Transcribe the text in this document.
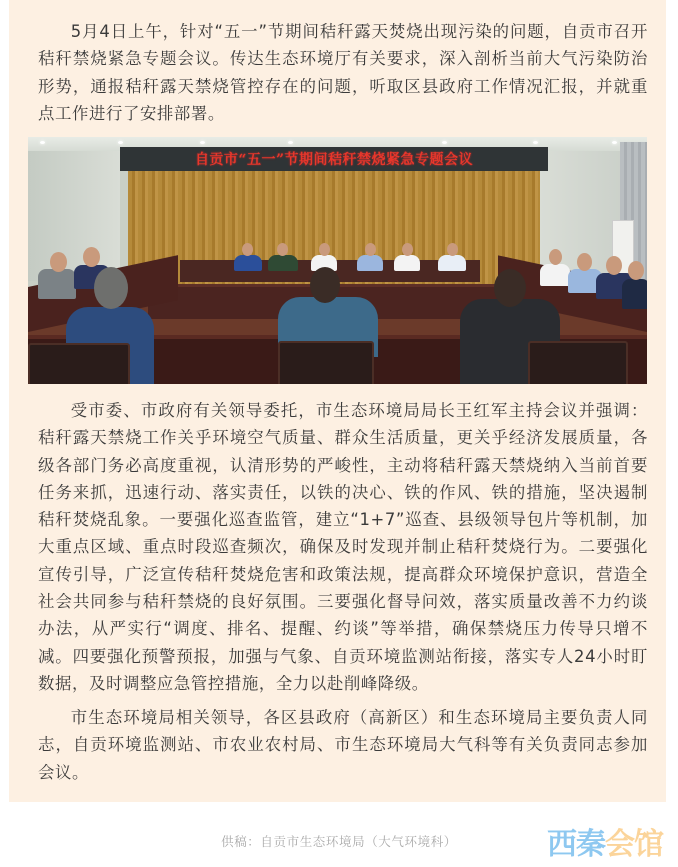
5月4日上午，针对“五一”节期间秸秆露天焚烧出现污染的问题，自贡市召开秸秆禁烧紧急专题会议。传达生态环境厅有关要求，深入剖析当前大气污染防治形势，通报秸秆露天禁烧管控存在的问题，听取区县政府工作情况汇报，并就重点工作进行了安排部署。

自贡市“五一”节期间秸秆禁烧紧急专题会议

受市委、市政府有关领导委托，市生态环境局局长王红军主持会议并强调：秸秆露天禁烧工作关乎环境空气质量、群众生活质量，更关乎经济发展质量，各级各部门务必高度重视，认清形势的严峻性，主动将秸秆露天禁烧纳入当前首要任务来抓，迅速行动、落实责任，以铁的决心、铁的作风、铁的措施，坚决遏制秸秆焚烧乱象。一要强化巡查监管，建立“1+7”巡查、县级领导包片等机制，加大重点区域、重点时段巡查频次，确保及时发现并制止秸秆焚烧行为。二要强化宣传引导，广泛宣传秸秆焚烧危害和政策法规，提高群众环境保护意识，营造全社会共同参与秸秆禁烧的良好氛围。三要强化督导问效，落实质量改善不力约谈办法，从严实行“调度、排名、提醒、约谈”等举措，确保禁烧压力传导只增不减。四要强化预警预报，加强与气象、自贡环境监测站衔接，落实专人24小时盯数据，及时调整应急管控措施，全力以赴削峰降级。

市生态环境局相关领导，各区县政府（高新区）和生态环境局主要负责人同志，自贡环境监测站、市农业农村局、市生态环境局大气科等有关负责同志参加会议。

供稿：自贡市生态环境局（大气环境科）	西秦 会馆
